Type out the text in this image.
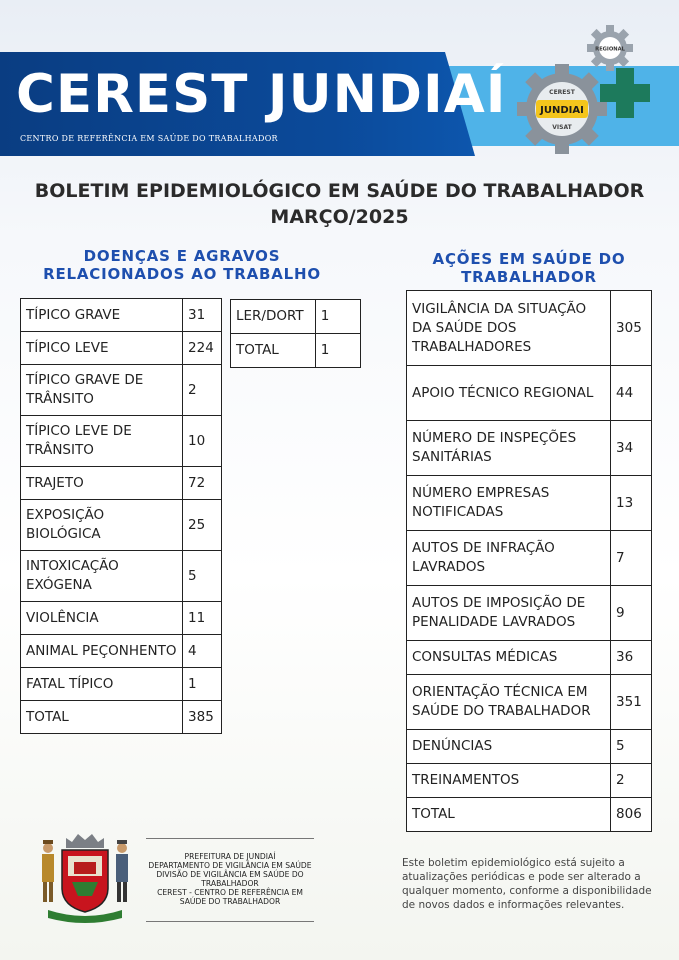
CEREST JUNDIAÍ
CENTRO DE REFERÊNCIA EM SAÚDE DO TRABALHADOR
REGIONAL
JUNDIAI
CEREST
VISAT
BOLETIM EPIDEMIOLÓGICO EM SAÚDE DO TRABALHADOR
MARÇO/2025
DOENÇAS E AGRAVOS
RELACIONADOS AO TRABALHO
AÇÕES EM SAÚDE DO
TRABALHADOR
TÍPICO GRAVE	31
TÍPICO LEVE	224
TÍPICO GRAVE DE TRÂNSITO	2
TÍPICO LEVE DE TRÂNSITO	10
TRAJETO	72
EXPOSIÇÃO BIOLÓGICA	25
INTOXICAÇÃO EXÓGENA	5
VIOLÊNCIA	11
ANIMAL PEÇONHENTO	4
FATAL TÍPICO	1
TOTAL	385
LER/DORT	1
TOTAL	1
VIGILÂNCIA DA SITUAÇÃO DA SAÚDE DOS TRABALHADORES	305
APOIO TÉCNICO REGIONAL	44
NÚMERO DE INSPEÇÕES SANITÁRIAS	34
NÚMERO EMPRESAS NOTIFICADAS	13
AUTOS DE INFRAÇÃO LAVRADOS	7
AUTOS DE IMPOSIÇÃO DE PENALIDADE LAVRADOS	9
CONSULTAS MÉDICAS	36
ORIENTAÇÃO TÉCNICA EM SAÚDE DO TRABALHADOR	351
DENÚNCIAS	5
TREINAMENTOS	2
TOTAL	806
PREFEITURA DE JUNDIAÍ
DEPARTAMENTO DE VIGILÂNCIA EM SAÚDE
DIVISÃO DE VIGILÂNCIA EM SAÚDE DO
TRABALHADOR
CEREST - CENTRO DE REFERÊNCIA EM
SAÚDE DO TRABALHADOR
Este boletim epidemiológico está sujeito a atualizações periódicas e pode ser alterado a qualquer momento, conforme a disponibilidade de novos dados e informações relevantes.
